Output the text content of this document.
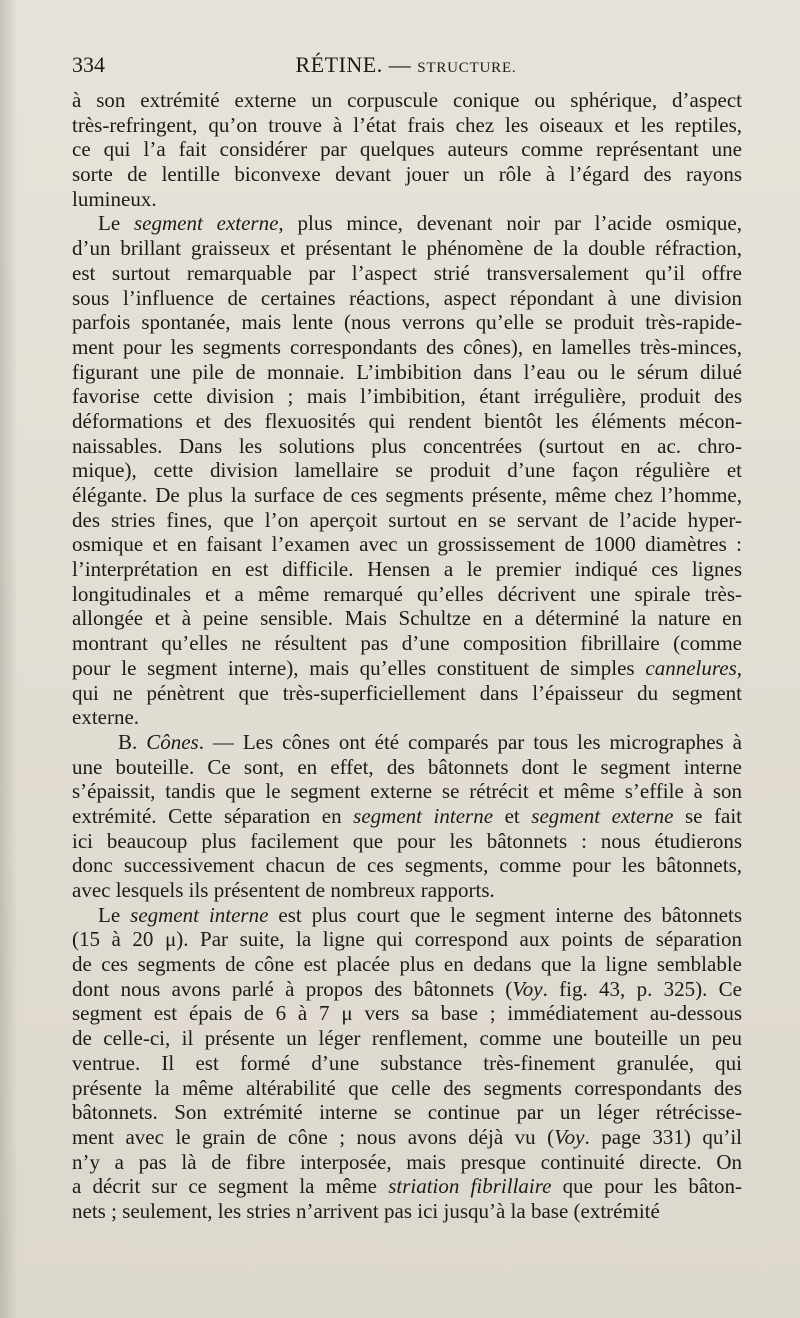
334	RÉTINE. — STRUCTURE.
à son extrémité externe un corpuscule conique ou sphérique, d’aspect
très-refringent, qu’on trouve à l’état frais chez les oiseaux et les reptiles,
ce qui l’a fait considérer par quelques auteurs comme représentant une
sorte de lentille biconvexe devant jouer un rôle à l’égard des rayons
lumineux.
Le segment externe, plus mince, devenant noir par l’acide osmique,
d’un brillant graisseux et présentant le phénomène de la double réfraction,
est surtout remarquable par l’aspect strié transversalement qu’il offre
sous l’influence de certaines réactions, aspect répondant à une division
parfois spontanée, mais lente (nous verrons qu’elle se produit très-rapide-
ment pour les segments correspondants des cônes), en lamelles très-minces,
figurant une pile de monnaie. L’imbibition dans l’eau ou le sérum dilué
favorise cette division ; mais l’imbibition, étant irrégulière, produit des
déformations et des flexuosités qui rendent bientôt les éléments mécon-
naissables. Dans les solutions plus concentrées (surtout en ac. chro-
mique), cette division lamellaire se produit d’une façon régulière et
élégante. De plus la surface de ces segments présente, même chez l’homme,
des stries fines, que l’on aperçoit surtout en se servant de l’acide hyper-
osmique et en faisant l’examen avec un grossissement de 1000 diamètres :
l’interprétation en est difficile. Hensen a le premier indiqué ces lignes
longitudinales et a même remarqué qu’elles décrivent une spirale très-
allongée et à peine sensible. Mais Schultze en a déterminé la nature en
montrant qu’elles ne résultent pas d’une composition fibrillaire (comme
pour le segment interne), mais qu’elles constituent de simples cannelures,
qui ne pénètrent que très-superficiellement dans l’épaisseur du segment
externe.
B. Cônes. — Les cônes ont été comparés par tous les micrographes à
une bouteille. Ce sont, en effet, des bâtonnets dont le segment interne
s’épaissit, tandis que le segment externe se rétrécit et même s’effile à son
extrémité. Cette séparation en segment interne et segment externe se fait
ici beaucoup plus facilement que pour les bâtonnets : nous étudierons
donc successivement chacun de ces segments, comme pour les bâtonnets,
avec lesquels ils présentent de nombreux rapports.
Le segment interne est plus court que le segment interne des bâtonnets
(15 à 20 μ). Par suite, la ligne qui correspond aux points de séparation
de ces segments de cône est placée plus en dedans que la ligne semblable
dont nous avons parlé à propos des bâtonnets (Voy. fig. 43, p. 325). Ce
segment est épais de 6 à 7 μ vers sa base ; immédiatement au-dessous
de celle-ci, il présente un léger renflement, comme une bouteille un peu
ventrue. Il est formé d’une substance très-finement granulée, qui
présente la même altérabilité que celle des segments correspondants des
bâtonnets. Son extrémité interne se continue par un léger rétrécisse-
ment avec le grain de cône ; nous avons déjà vu (Voy. page 331) qu’il
n’y a pas là de fibre interposée, mais presque continuité directe. On
a décrit sur ce segment la même striation fibrillaire que pour les bâton-
nets ; seulement, les stries n’arrivent pas ici jusqu’à la base (extrémité
